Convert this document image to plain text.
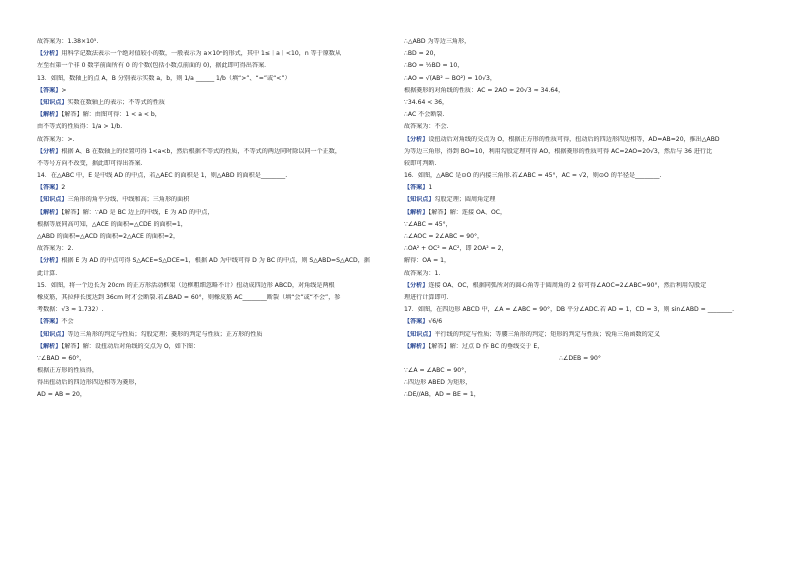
故答案为：1.38×10⁵.
【分析】用科学记数法表示一个绝对值较小的数，一般表示为 a×10ⁿ的形式，其中 1≤｜a｜<10，n 等于原数从
左至右第一个非 0 数字前面所有 0 的个数(包括小数点前面的 0)，据此即可得出答案.
13．如图，数轴上的点 A，B 分别表示实数 a，b，则 1/a ______ 1/b（填“>”、“=”或“<”）
【答案】>
【知识点】实数在数轴上的表示；不等式的性质
【解析】【解答】解：由图可得：1 < a < b，
由不等式的性质得：1/a > 1/b.
故答案为：>.
【分析】根据 A、B 在数轴上的位置可得 1<a<b，然后根据不等式的性质，不等式的两边同时除以同一个正数，
不等号方向不改变，据此即可得出答案.
14．在△ABC 中，E 是中线 AD 的中点，若△AEC 的面积是 1，则△ABD 的面积是________.
【答案】2
【知识点】三角形的角平分线、中线和高；三角形的面积
【解析】【解答】解：∵AD 是 BC 边上的中线，E 为 AD 的中点，
根据等底同高可知，△ACE 的面积=△CDE 的面积=1，
△ABD 的面积=△ACD 的面积=2△ACE 的面积=2，
故答案为：2.
【分析】根据 E 为 AD 的中点可得 S△ACE=S△DCE=1，根据 AD 为中线可得 D 为 BC 的中点，则 S△ABD=S△ACD，据
此计算.
15．如图，将一个边长为 20cm 的正方形活动框架（边框粗细忽略不计）扭动成四边形 ABCD，对角线是两根
橡皮筋，其拉伸长度达到 36cm 时才会断裂.若∠BAD = 60°，则橡皮筋 AC________断裂（填“会”或“不会”，参
考数据：√3 ≈ 1.732）.
【答案】不会
【知识点】等边三角形的判定与性质；勾股定理；菱形的判定与性质；正方形的性质
【解析】【解答】解：设扭动后对角线的交点为 O，如下图：
∵∠BAD = 60°，
根据正方形的性质得，
得出扭动后的四边形四边相等为菱形，
AD = AB = 20，
∴△ABD 为等边三角形，
∴BD = 20，
∴BO = ½BD = 10，
∴AO = √(AB² − BO²) = 10√3，
根据菱形的对角线的性质：AC = 2AO = 20√3 ≈ 34.64，
∵34.64 < 36，
∴AC 不会断裂.
故答案为：不会.
【分析】设扭动后对角线的交点为 O，根据正方形的性质可得，扭动后的四边形四边相等，AD=AB=20，推出△ABD
为等边三角形，得到 BO=10，利用勾股定理可得 AO，根据菱形的性质可得 AC=2AO=20√3，然后与 36 进行比
较即可判断.
16．如图，△ABC 是⊙O 的内接三角形.若∠ABC = 45°，AC = √2，则⊙O 的半径是________.
【答案】1
【知识点】勾股定理；圆周角定理
【解析】【解答】解：连接 OA、OC，
∵∠ABC = 45°，
∴∠AOC = 2∠ABC = 90°，
∴OA² + OC² = AC²，即 2OA² = 2，
解得：OA = 1，
故答案为：1.
【分析】连接 OA、OC，根据同弧所对的圆心角等于圆周角的 2 倍可得∠AOC=2∠ABC=90°，然后利用勾股定
理进行计算即可.
17．如图，在四边形 ABCD 中，∠A = ∠ABC = 90°，DB 平分∠ADC.若 AD = 1，CD = 3，则 sin∠ABD = ________.
【答案】√6/6
【知识点】平行线的判定与性质；等腰三角形的判定；矩形的判定与性质；锐角三角函数的定义
【解析】【解答】解：过点 D 作 BC 的垂线交于 E，
∴∠DEB = 90°
∵∠A = ∠ABC = 90°，
∴四边形 ABED 为矩形，
∴DE//AB，AD = BE = 1，
